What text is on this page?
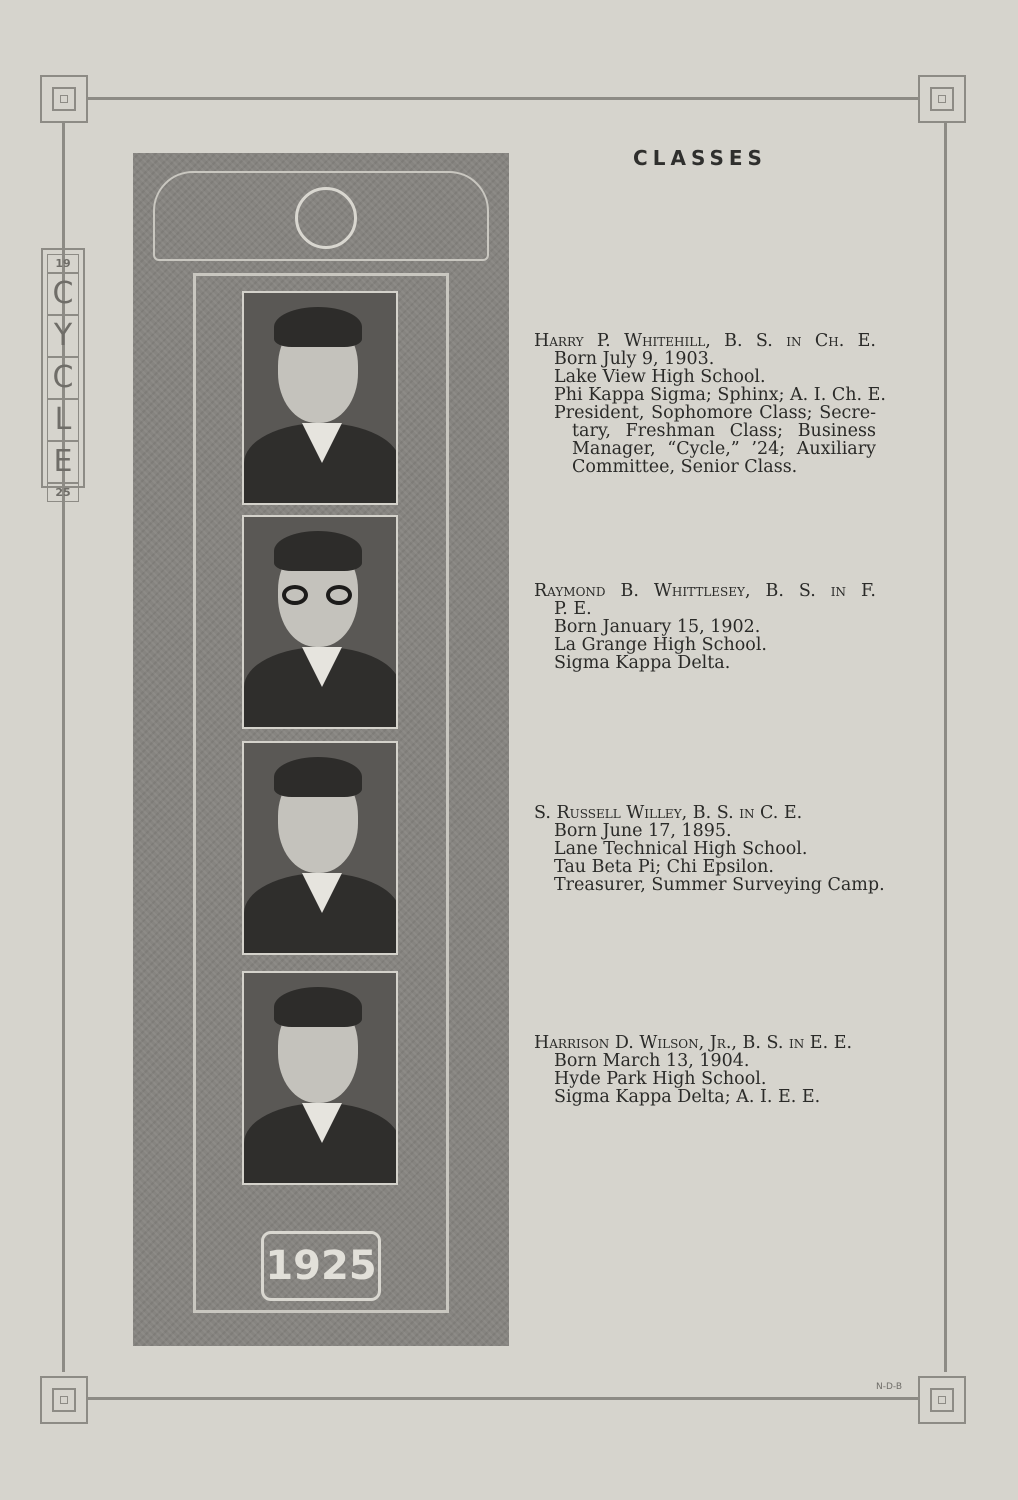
19
C
Y
C
L
E
25
1925
CLASSES
Harry P. Whitehill, B. S. in Ch. E.
Born July 9, 1903.
Lake View High School.
Phi Kappa Sigma; Sphinx; A. I. Ch. E.
President, Sophomore Class; Secre-
tary, Freshman Class; Business Manager, “Cycle,” ’24; Auxiliary Committee, Senior Class.
Raymond B. Whittlesey, B. S. in F.
P. E.
Born January 15, 1902.
La Grange High School.
Sigma Kappa Delta.
S. Russell Willey, B. S. in C. E.
Born June 17, 1895.
Lane Technical High School.
Tau Beta Pi; Chi Epsilon.
Treasurer, Summer Surveying Camp.
Harrison D. Wilson, Jr., B. S. in E. E.
Born March 13, 1904.
Hyde Park High School.
Sigma Kappa Delta; A. I. E. E.
N-D-B
